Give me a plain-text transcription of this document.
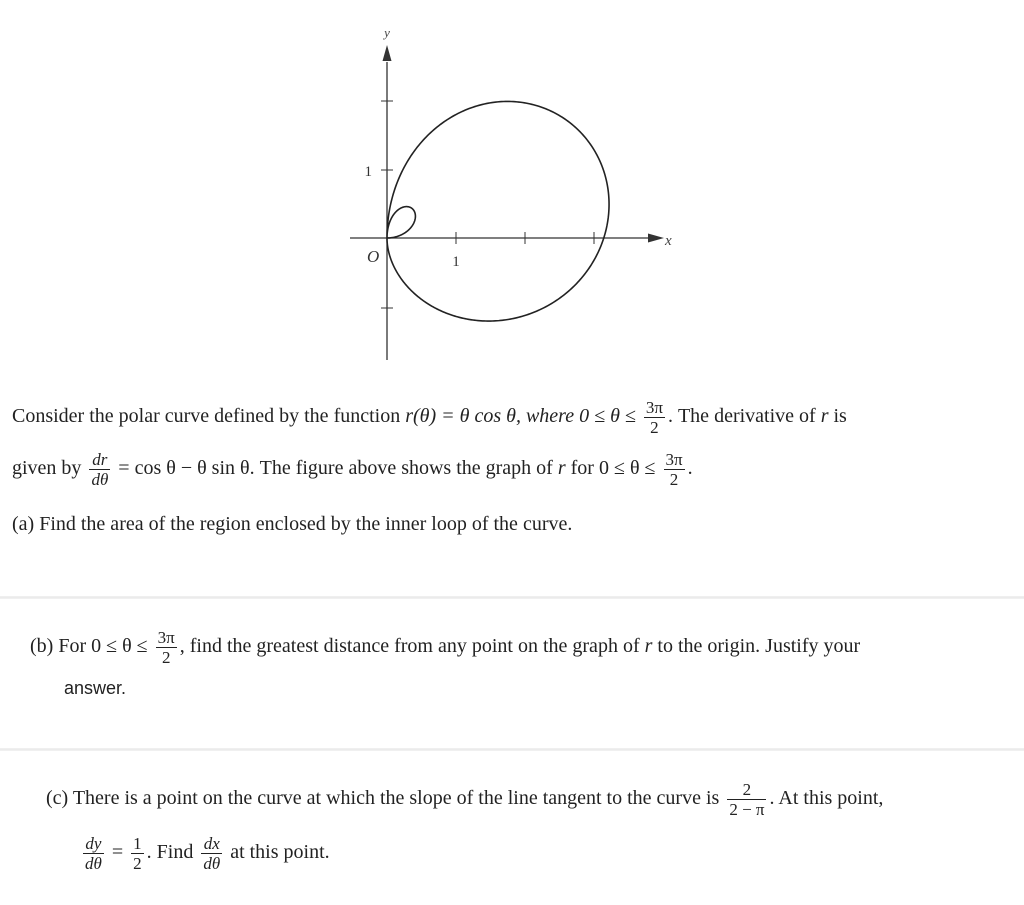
y
x
O	1
1
Consider the polar curve defined by the function r(θ) = θ cos θ, where $0 \le \theta \le \frac{3\pi}{2}$ . The derivative of r is
given by $\frac{dr}{d\theta} = \cos \theta - \theta$ sin θ. The figure above shows the graph of r for $0 \le \theta \le \frac{3\pi}{2}$ .
(a) Find the area of the region enclosed by the inner loop of the curve.
(b) For $0 \le \theta \le \frac{3\pi}{2}$ , find the greatest distance from any point on the graph of r to the origin. Justify your
answer.
(c) There is a point on the curve at which the slope of the line tangent to the curve is $\frac{2}{2 - \pi}$ . At this point,
$\frac{dy}{d\theta} = \frac{1}{2}$ . Find $\frac{dx}{d\theta}$ at this point.
